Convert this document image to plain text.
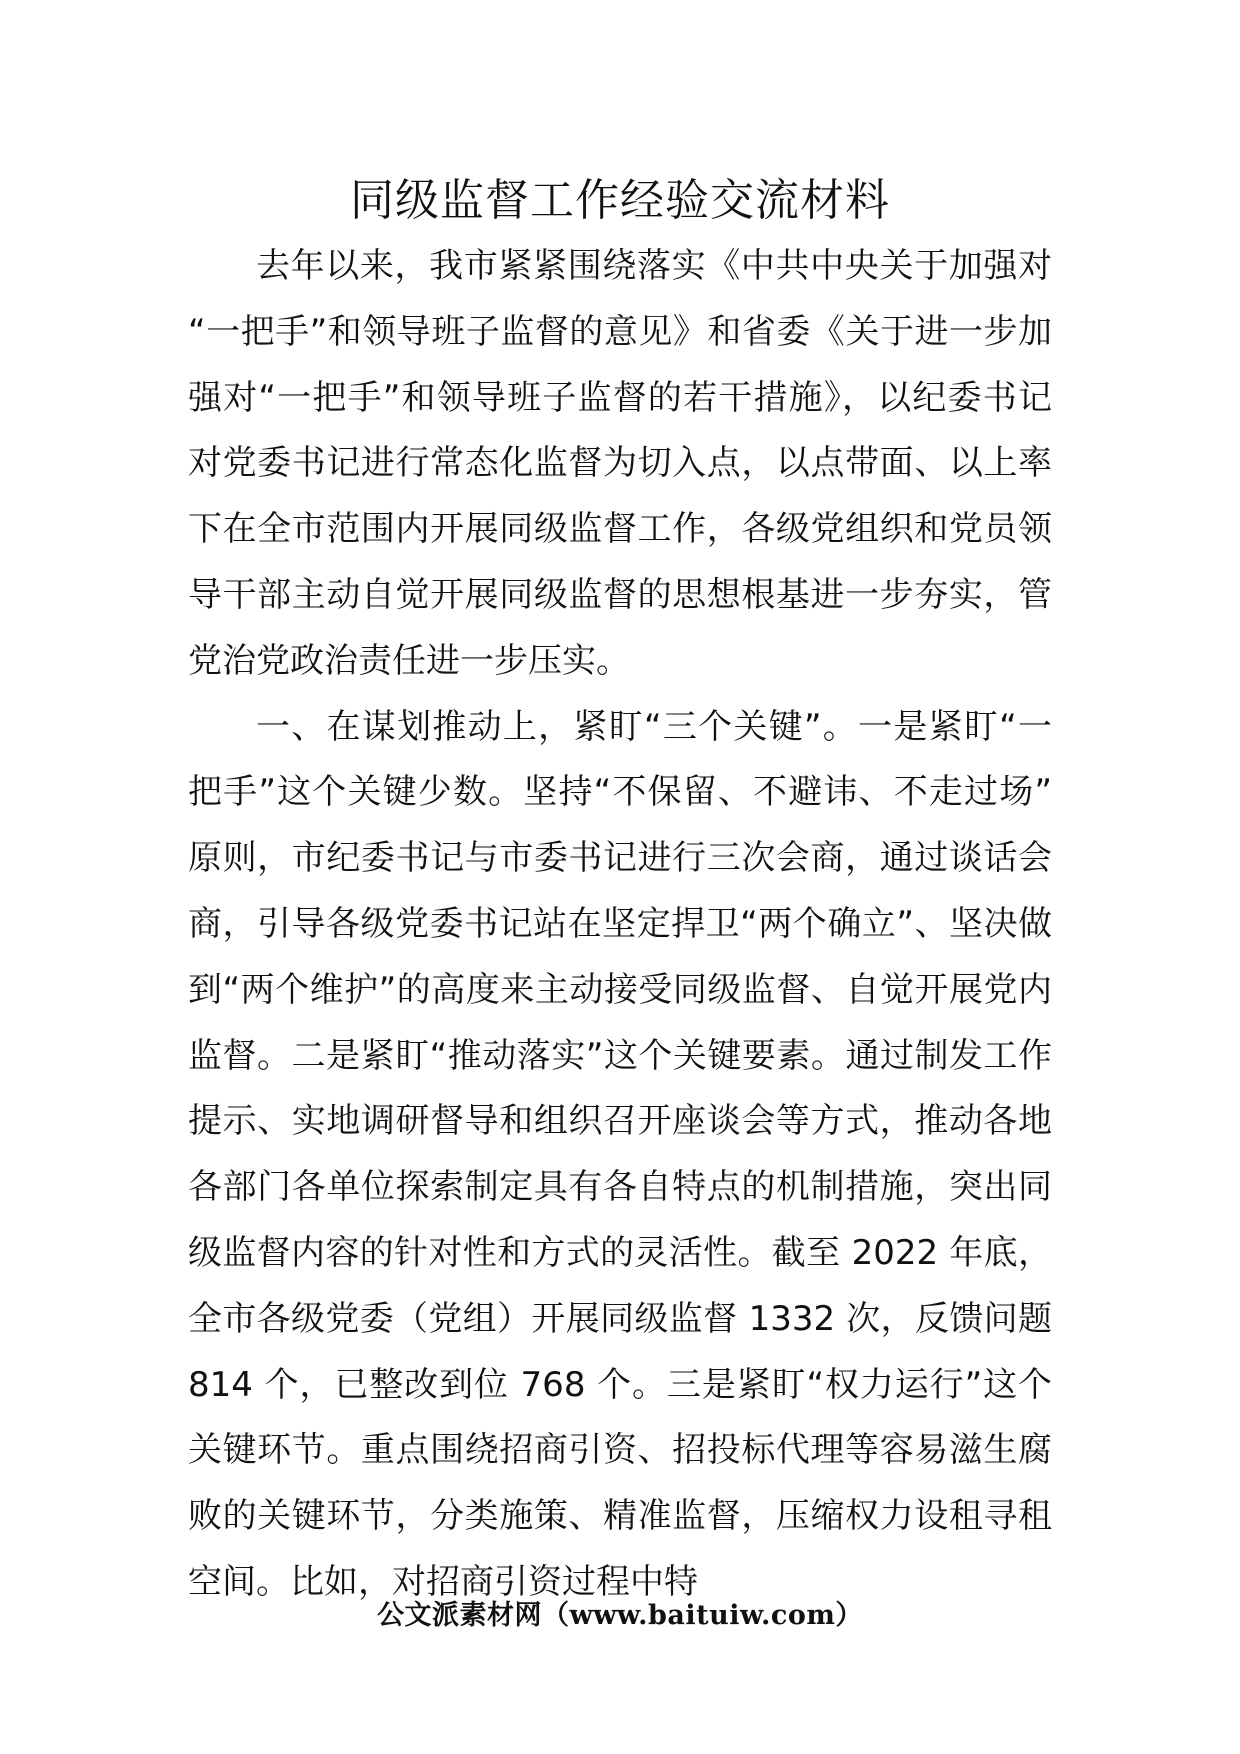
同级监督工作经验交流材料

去年以来，我市紧紧围绕落实《中共中央关于加强对“一把手”和领导班子监督的意见》和省委《关于进一步加强对“一把手”和领导班子监督的若干措施》，以纪委书记对党委书记进行常态化监督为切入点，以点带面、以上率下在全市范围内开展同级监督工作，各级党组织和党员领导干部主动自觉开展同级监督的思想根基进一步夯实，管党治党政治责任进一步压实。

一、在谋划推动上，紧盯“三个关键”。一是紧盯“一把手”这个关键少数。坚持“不保留、不避讳、不走过场”原则，市纪委书记与市委书记进行三次会商，通过谈话会商，引导各级党委书记站在坚定捍卫“两个确立”、坚决做到“两个维护”的高度来主动接受同级监督、自觉开展党内监督。二是紧盯“推动落实”这个关键要素。通过制发工作提示、实地调研督导和组织召开座谈会等方式，推动各地各部门各单位探索制定具有各自特点的机制措施，突出同级监督内容的针对性和方式的灵活性。截至 2022 年底，全市各级党委（党组）开展同级监督 1332 次，反馈问题 814 个，已整改到位 768 个。三是紧盯“权力运行”这个关键环节。重点围绕招商引资、招投标代理等容易滋生腐败的关键环节，分类施策、精准监督，压缩权力设租寻租空间。比如，对招商引资过程中特

公文派素材网（www.baituiw.com）
